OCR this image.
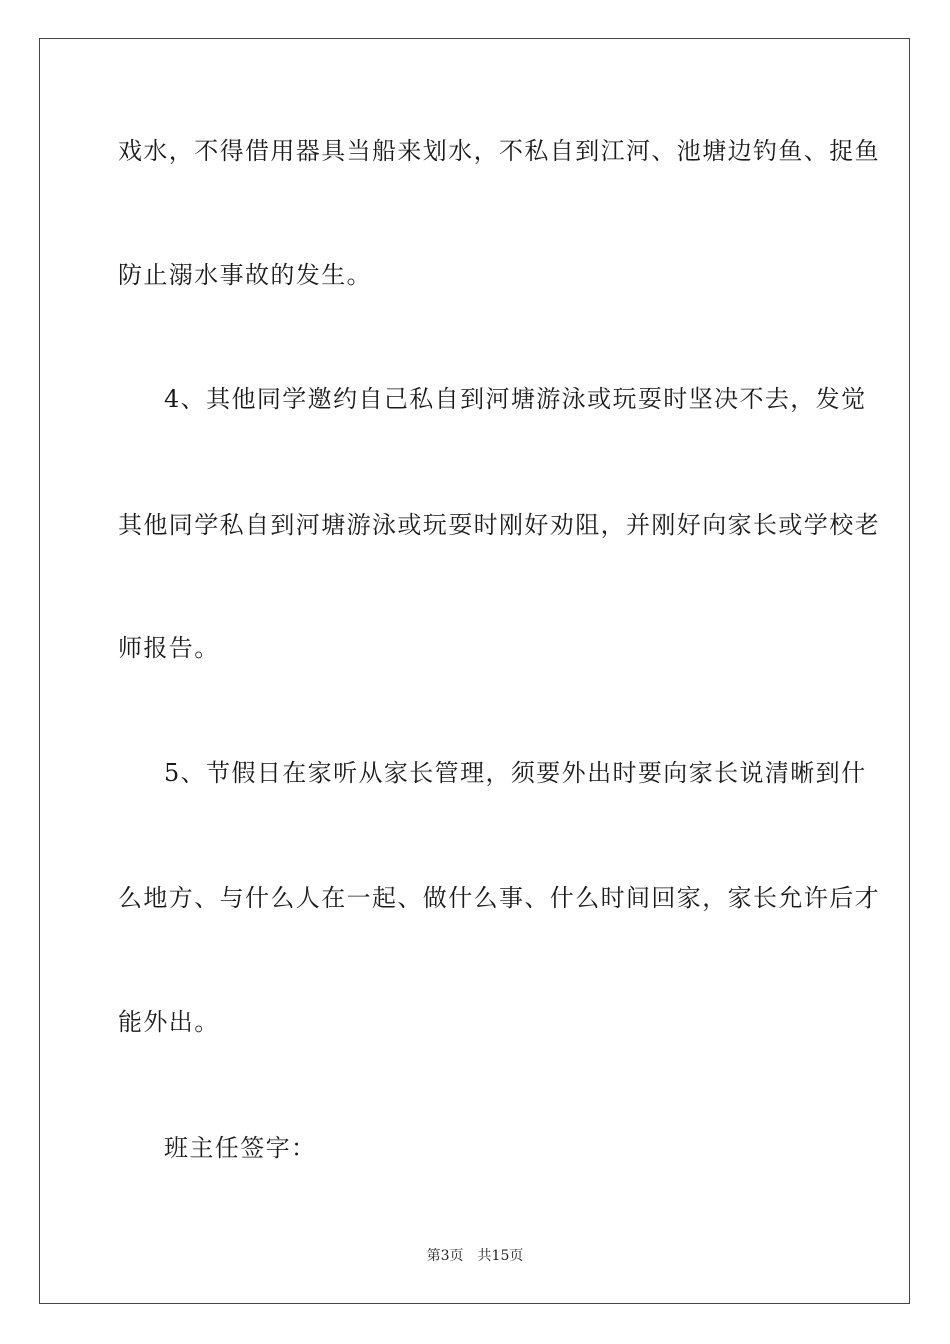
戏水，不得借用器具当船来划水，不私自到江河、池塘边钓鱼、捉鱼
防止溺水事故的发生。
4、其他同学邀约自己私自到河塘游泳或玩耍时坚决不去，发觉
其他同学私自到河塘游泳或玩耍时刚好劝阻，并刚好向家长或学校老
师报告。
5、节假日在家听从家长管理，须要外出时要向家长说清晰到什
么地方、与什么人在一起、做什么事、什么时间回家，家长允许后才
能外出。
班主任签字：
第3页 共15页
